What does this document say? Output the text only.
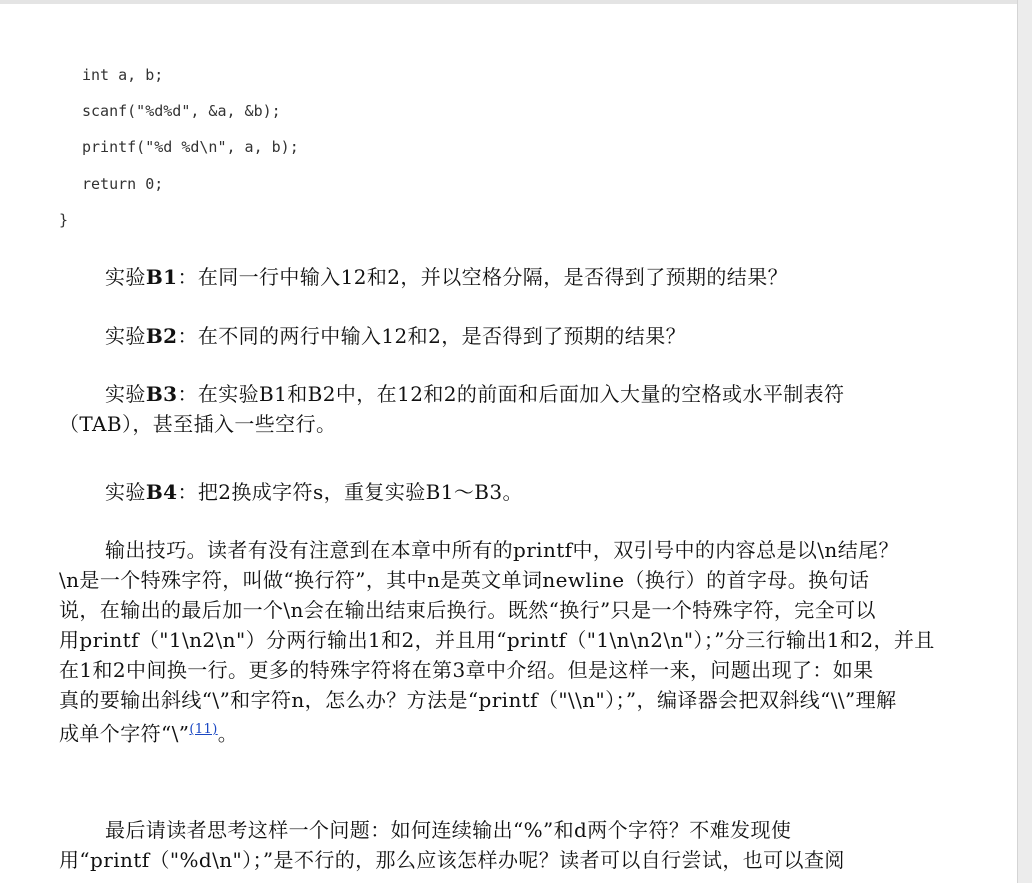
int a, b;
scanf("%d%d", &a, &b);
printf("%d %d\n", a, b);
return 0;
}
实验B1：在同一行中输入12和2，并以空格分隔，是否得到了预期的结果？
实验B2：在不同的两行中输入12和2，是否得到了预期的结果？
实验B3：在实验B1和B2中，在12和2的前面和后面加入大量的空格或水平制表符（TAB），甚至插入一些空行。
实验B4：把2换成字符s，重复实验B1～B3。
输出技巧。读者有没有注意到在本章中所有的printf中，双引号中的内容总是以\n结尾？
\n是一个特殊字符，叫做“换行符”，其中n是英文单词newline（换行）的首字母。换句话
说，在输出的最后加一个\n会在输出结束后换行。既然“换行”只是一个特殊字符，完全可以
用printf（"1\n2\n"）分两行输出1和2，并且用“printf（"1\n\n2\n"）；”分三行输出1和2，并且
在1和2中间换一行。更多的特殊字符将在第3章中介绍。但是这样一来，问题出现了：如果
真的要输出斜线“\”和字符n，怎么办？方法是“printf（"\\n"）；”，编译器会把双斜线“\\”理解
成单个字符“\”$^{(11)}$。
最后请读者思考这样一个问题：如何连续输出“%”和d两个字符？不难发现使
用“printf（"%d\n"）；”是不行的，那么应该怎样办呢？读者可以自行尝试，也可以查阅
